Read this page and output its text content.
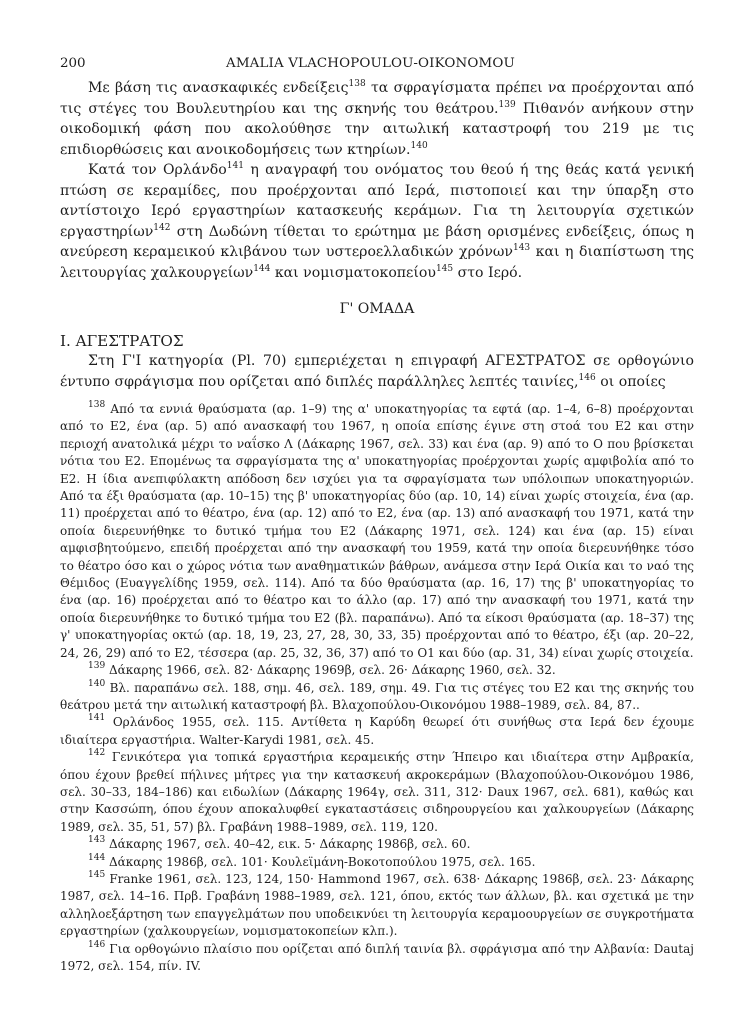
200	AMALIA VLACHOPOULOU-OIKONOMOU

Με βάση τις ανασκαφικές ενδείξεις$^{138}$ τα σφραγίσματα πρέπει να προέρχονται από τις στέγες του Βουλευτηρίου και της σκηνής του θεάτρου.$^{139}$ Πιθανόν ανήκουν στην οικοδομική φάση που ακολούθησε την αιτωλική καταστροφή του 219 με τις επιδιορθώσεις και ανοικοδομήσεις των κτηρίων.$^{140}$

Κατά τον Ορλάνδο$^{141}$ η αναγραφή του ονόματος του θεού ή της θεάς κατά γενική πτώση σε κεραμίδες, που προέρχονται από Ιερά, πιστοποιεί και την ύπαρξη στο αντίστοιχο Ιερό εργαστηρίων κατασκευής κεράμων. Για τη λειτουργία σχετικών εργαστηρίων$^{142}$ στη Δωδώνη τίθεται το ερώτημα με βάση ορισμένες ενδείξεις, όπως η ανεύρεση κεραμεικού κλιβάνου των υστεροελλαδικών χρόνων$^{143}$ και η διαπίστωση της λειτουργίας χαλκουργείων$^{144}$ και νομισματοκοπείου$^{145}$ στο Ιερό.

Γ' ΟΜΑΔΑ
I. ΑΓΕΣΤΡΑΤΟΣ

Στη Γ'I κατηγορία (Pl. 70) εμπεριέχεται η επιγραφή ΑΓΕΣΤΡΑΤΟΣ σε ορθογώνιο έντυπο σφράγισμα που ορίζεται από διπλές παράλληλες λεπτές ταινίες,$^{146}$ οι οποίες

$^{138}$ Από τα εννιά θραύσματα (αρ. 1–9) της α' υποκατηγορίας τα εφτά (αρ. 1–4, 6–8) προέρχονται από το Ε2, ένα (αρ. 5) από ανασκαφή του 1967, η οποία επίσης έγινε στη στοά του Ε2 και στην περιοχή ανατολικά μέχρι το ναΐσκο Λ (Δάκαρης 1967, σελ. 33) και ένα (αρ. 9) από το Ο που βρίσκεται νότια του Ε2. Επομένως τα σφραγίσματα της α' υποκατηγορίας προέρχονται χωρίς αμφιβολία από το Ε2. Η ίδια ανεπιφύλακτη απόδοση δεν ισχύει για τα σφραγίσματα των υπόλοιπων υποκατηγοριών. Από τα έξι θραύσματα (αρ. 10–15) της β' υποκατηγορίας δύο (αρ. 10, 14) είναι χωρίς στοιχεία, ένα (αρ. 11) προέρχεται από το θέατρο, ένα (αρ. 12) από το Ε2, ένα (αρ. 13) από ανασκαφή του 1971, κατά την οποία διερευνήθηκε το δυτικό τμήμα του Ε2 (Δάκαρης 1971, σελ. 124) και ένα (αρ. 15) είναι αμφισβητούμενο, επειδή προέρχεται από την ανασκαφή του 1959, κατά την οποία διερευνήθηκε τόσο το θέατρο όσο και ο χώρος νότια των αναθηματικών βάθρων, ανάμεσα στην Ιερά Οικία και το ναό της Θέμιδος (Ευαγγελίδης 1959, σελ. 114). Από τα δύο θραύσματα (αρ. 16, 17) της β' υποκατηγορίας το ένα (αρ. 16) προέρχεται από το θέατρο και το άλλο (αρ. 17) από την ανασκαφή του 1971, κατά την οποία διερευνήθηκε το δυτικό τμήμα του Ε2 (βλ. παραπάνω). Από τα είκοσι θραύσματα (αρ. 18–37) της γ' υποκατηγορίας οκτώ (αρ. 18, 19, 23, 27, 28, 30, 33, 35) προέρχονται από το θέατρο, έξι (αρ. 20–22, 24, 26, 29) από το Ε2, τέσσερα (αρ. 25, 32, 36, 37) από το Ο1 και δύο (αρ. 31, 34) είναι χωρίς στοιχεία.

$^{139}$ Δάκαρης 1966, σελ. 82· Δάκαρης 1969β, σελ. 26· Δάκαρης 1960, σελ. 32.

$^{140}$ Βλ. παραπάνω σελ. 188, σημ. 46, σελ. 189, σημ. 49. Για τις στέγες του Ε2 και της σκηνής του θεάτρου μετά την αιτωλική καταστροφή βλ. Βλαχοπούλου-Οικονόμου 1988–1989, σελ. 84, 87..

$^{141}$ Ορλάνδος 1955, σελ. 115. Αντίθετα η Καρύδη θεωρεί ότι συνήθως στα Ιερά δεν έχουμε ιδιαίτερα εργαστήρια. Walter-Karydi 1981, σελ. 45.

$^{142}$ Γενικότερα για τοπικά εργαστήρια κεραμεικής στην Ήπειρο και ιδιαίτερα στην Αμβρακία, όπου έχουν βρεθεί πήλινες μήτρες για την κατασκευή ακροκεράμων (Βλαχοπούλου-Οικονόμου 1986, σελ. 30–33, 184–186) και ειδωλίων (Δάκαρης 1964γ, σελ. 311, 312· Daux 1967, σελ. 681), καθώς και στην Κασσώπη, όπου έχουν αποκαλυφθεί εγκαταστάσεις σιδηρουργείου και χαλκουργείων (Δάκαρης 1989, σελ. 35, 51, 57) βλ. Γραβάνη 1988–1989, σελ. 119, 120.

$^{143}$ Δάκαρης 1967, σελ. 40–42, εικ. 5· Δάκαρης 1986β, σελ. 60.

$^{144}$ Δάκαρης 1986β, σελ. 101· Κουλεϊμάνη-Βοκοτοπούλου 1975, σελ. 165.

$^{145}$ Franke 1961, σελ. 123, 124, 150· Hammond 1967, σελ. 638· Δάκαρης 1986β, σελ. 23· Δάκαρης 1987, σελ. 14–16. Πρβ. Γραβάνη 1988–1989, σελ. 121, όπου, εκτός των άλλων, βλ. και σχετικά με την αλληλοεξάρτηση των επαγγελμάτων που υποδεικνύει τη λειτουργία κεραμοουργείων σε συγκροτήματα εργαστηρίων (χαλκουργείων, νομισματοκοπείων κλπ.).

$^{146}$ Για ορθογώνιο πλαίσιο που ορίζεται από διπλή ταινία βλ. σφράγισμα από την Αλβανία: Dautaj 1972, σελ. 154, πίν. IV.
